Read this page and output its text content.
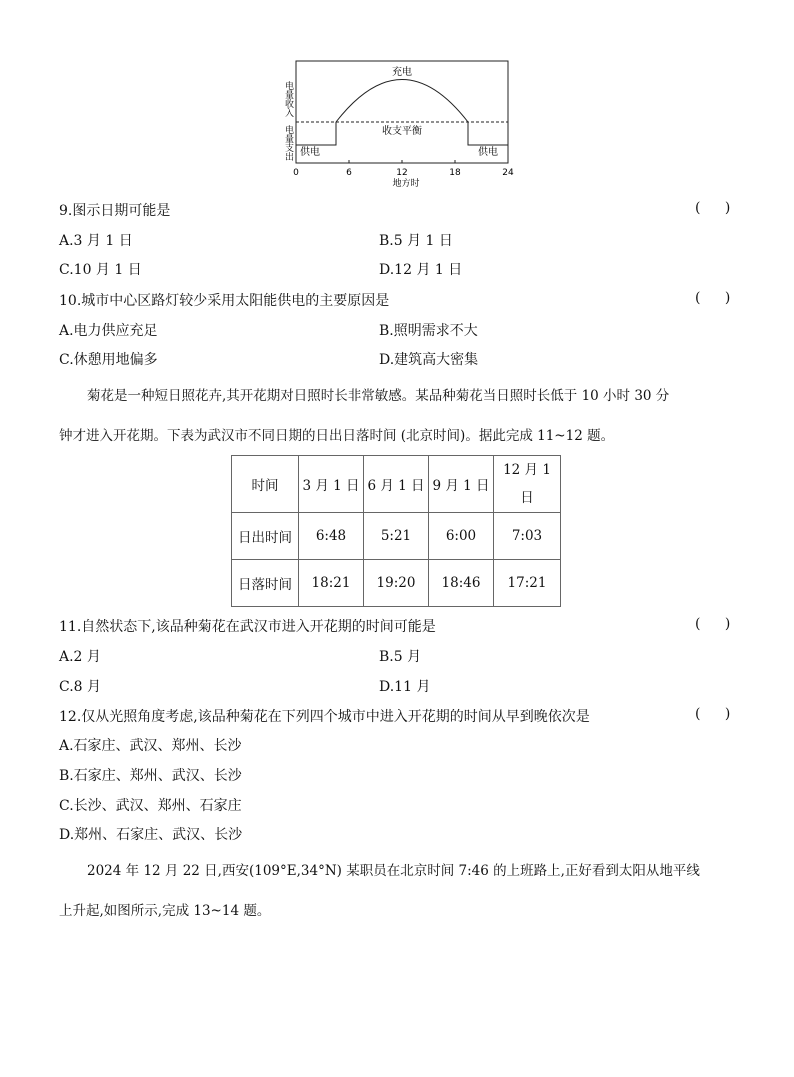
充电
收支平衡
供电	供电
电量收入
电量支出
0	6	12	18	24
地方时
9.图示日期可能是	( )
A.3 月 1 日	B.5 月 1 日
C.10 月 1 日	D.12 月 1 日
10.城市中心区路灯较少采用太阳能供电的主要原因是	( )
A.电力供应充足	B.照明需求不大
C.休憩用地偏多	D.建筑高大密集
菊花是一种短日照花卉,其开花期对日照时长非常敏感。某品种菊花当日照时长低于 10 小时 30 分
钟才进入开花期。下表为武汉市不同日期的日出日落时间 (北京时间)。据此完成 11~12 题。
时间	3 月 1 日	6 月 1 日	9 月 1 日	12 月 1
日

日出时间	6:48	5:21	6:00	7:03
日落时间	18:21	19:20	18:46	17:21
11.自然状态下,该品种菊花在武汉市进入开花期的时间可能是	( )
A.2 月	B.5 月
C.8 月	D.11 月
12.仅从光照角度考虑,该品种菊花在下列四个城市中进入开花期的时间从早到晚依次是	( )
A.石家庄、武汉、郑州、长沙
B.石家庄、郑州、武汉、长沙
C.长沙、武汉、郑州、石家庄
D.郑州、石家庄、武汉、长沙
2024 年 12 月 22 日,西安(109°E,34°N) 某职员在北京时间 7:46 的上班路上,正好看到太阳从地平线
上升起,如图所示,完成 13~14 题。
